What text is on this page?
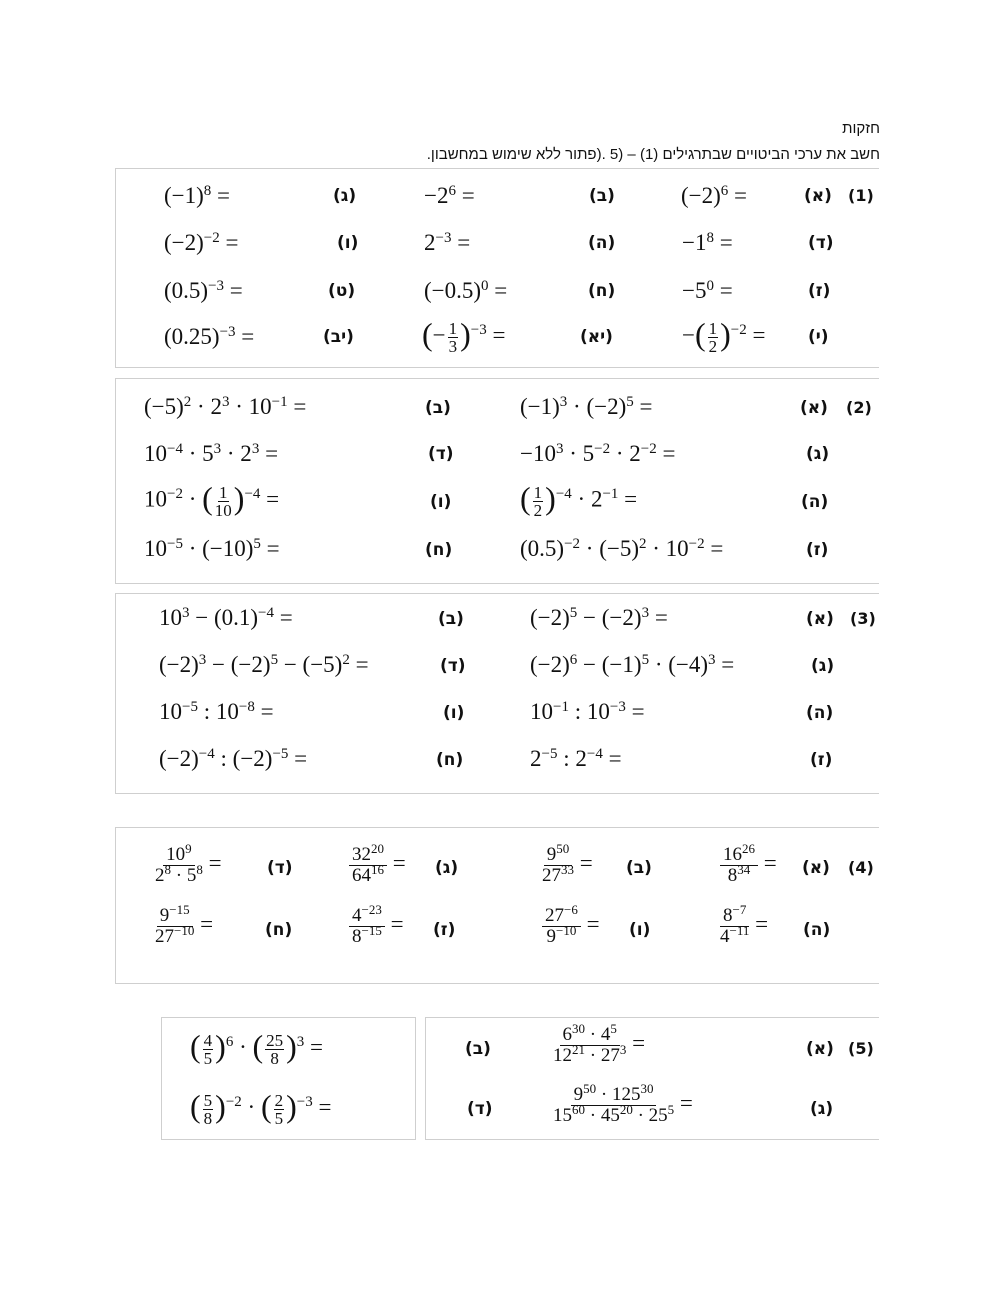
חזקות
חשב את ערכי הביטויים שבתרגילים (1) – (5 .(פתור ללא שימוש במחשבון.
(1)
(א)
$(-2)^6$ =
(ב)
$-2^6$ =
(ג)
$(-1)^8$ =
(ד)
$-1^8$ =
(ה)
$2^{-3}$ =
(ו)
$(-2)^{-2}$ =
(ז)
$-5^0$ =
(ח)
$(-0.5)^0$ =
(ט)
$(0.5)^{-3}$ =
(י)
−( $\frac{1}{2} )^{-2}$ =
(יא)
(− $\frac{1}{3} )^{-3}$ =
(יב)
$(0.25)^{-3}$ =
(2)
(א)
$(-1)^3 \cdot (-2)^5$ =
(ב)
$(-5)^2 \cdot 2^3 \cdot 10^{-1}$ =
(ג)
$-10^3 \cdot 5^{-2} \cdot 2^{-2}$ =
(ד)
$10^{-4} \cdot 5^3 \cdot 2^3$ =
(ה)
( $\frac{1}{2} )^{-4} \cdot 2^{-1}$ =
(ו)
$10^{-2}$ · ( $\frac{1}{10} )^{-4}$ =
(ז)
$(0.5)^{-2} \cdot (-5)^2 \cdot 10^{-2}$ =
(ח)
$10^{-5} \cdot (-10)^5$ =
(3)
(א)
$(-2)^5 - (-2)^3$ =
(ב)
$10^3 - (0.1)^{-4}$ =
(ג)
$(-2)^6 - (-1)^5 \cdot (-4)^3$ =
(ד)
$(-2)^3 - (-2)^5 - (-5)^2$ =
(ה)
$10^{-1}$ : $10^{-3}$ =
(ו)
$10^{-5}$ : $10^{-8}$ =
(ז)
$2^{-5}$ : $2^{-4}$ =
(ח)
$(-2)^{-4}$ : $(-2)^{-5}$ =
(4)
(א)
$\frac{16^{26}}{8^{34}}$ =
(ב)
$\frac{9^{50}}{27^{33}}$ =
(ג)
$\frac{32^{20}}{64^{16}}$ =
(ד)
$\frac{10^9}{2^8 \cdot 5^8}$ =
(ה)
$\frac{8^{-7}}{4^{-11}}$ =
(ו)
$\frac{27^{-6}}{9^{-10}}$ =
(ז)
$\frac{4^{-23}}{8^{-15}}$ =
(ח)
$\frac{9^{-15}}{27^{-10}}$ =
(5)
(א)
$\frac{6^{30} \cdot 4^5}{12^{21} \cdot 27^3}$ =
(ב)
( $\frac{4}{5} )^6$ · ( $\frac{25}{8} )^3$ =
(ג)
$\frac{9^{50} \cdot 125^{30}}{15^{60} \cdot 45^{20} \cdot 25^5}$ =
(ד)
( $\frac{5}{8} )^{-2}$ · ( $\frac{2}{5} )^{-3}$ =
